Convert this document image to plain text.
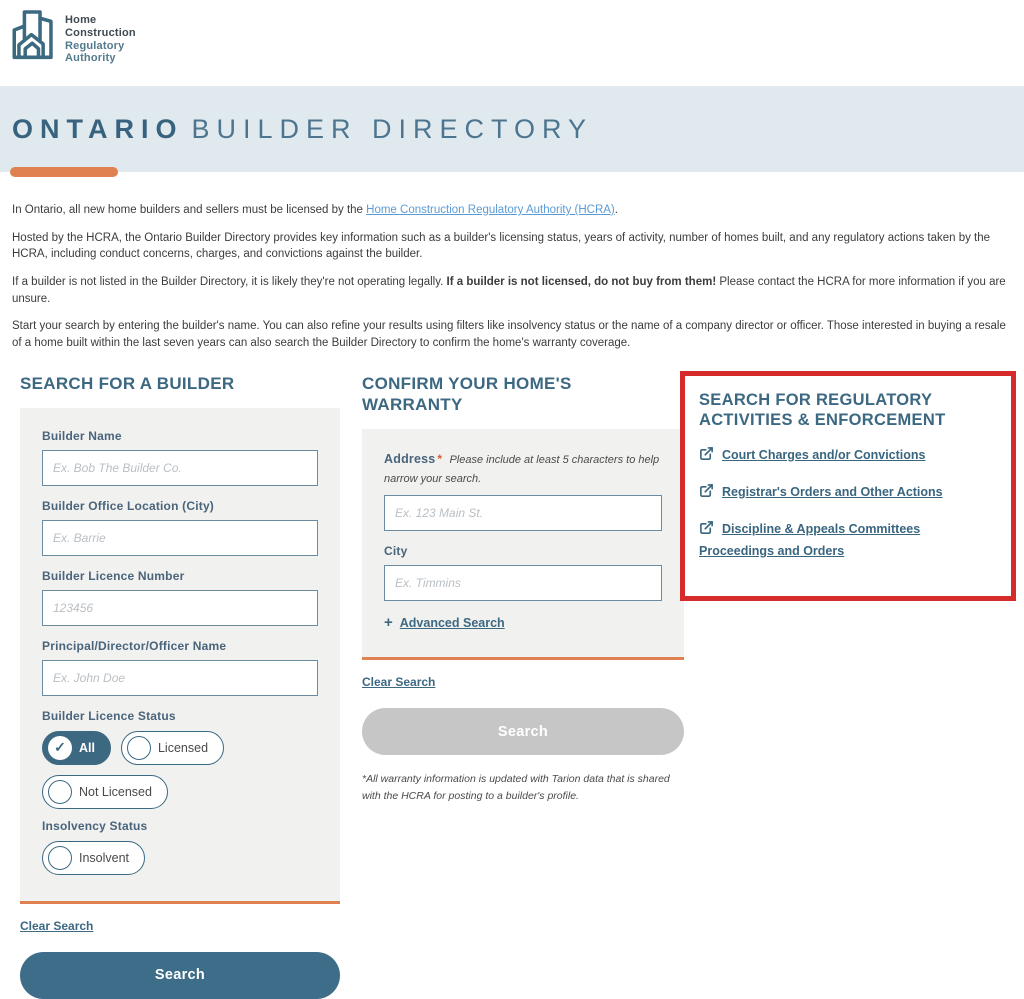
Home
Construction
Regulatory
Authority
ONTARIO BUILDER DIRECTORY

In Ontario, all new home builders and sellers must be licensed by the Home Construction Regulatory Authority (HCRA).

Hosted by the HCRA, the Ontario Builder Directory provides key information such as a builder's licensing status, years of activity, number of homes built, and any regulatory actions taken by the HCRA, including conduct concerns, charges, and convictions against the builder.

If a builder is not listed in the Builder Directory, it is likely they're not operating legally. If a builder is not licensed, do not buy from them! Please contact the HCRA for more information if you are unsure.

Start your search by entering the builder's name. You can also refine your results using filters like insolvency status or the name of a company director or officer. Those interested in buying a resale of a home built within the last seven years can also search the Builder Directory to confirm the home's warranty coverage.

SEARCH FOR A BUILDER
Builder Name
Ex. Bob The Builder Co.
Builder Office Location (City)
Ex. Barrie
Builder Licence Number
123456
Principal/Director/Officer Name
Ex. John Doe
Builder Licence Status
✓	All	Licensed
Not Licensed
Insolvency Status
Insolvent
Clear Search
Search
CONFIRM YOUR HOME'S WARRANTY
Address * Please include at least 5 characters to help narrow your search.
Ex. 123 Main St.
City
Ex. Timmins
+ Advanced Search
Clear Search
Search

*All warranty information is updated with Tarion data that is shared with the HCRA for posting to a builder's profile.

SEARCH FOR REGULATORY ACTIVITIES & ENFORCEMENT
Court Charges and/or Convictions
Registrar's Orders and Other Actions
Discipline & Appeals Committees Proceedings and Orders
